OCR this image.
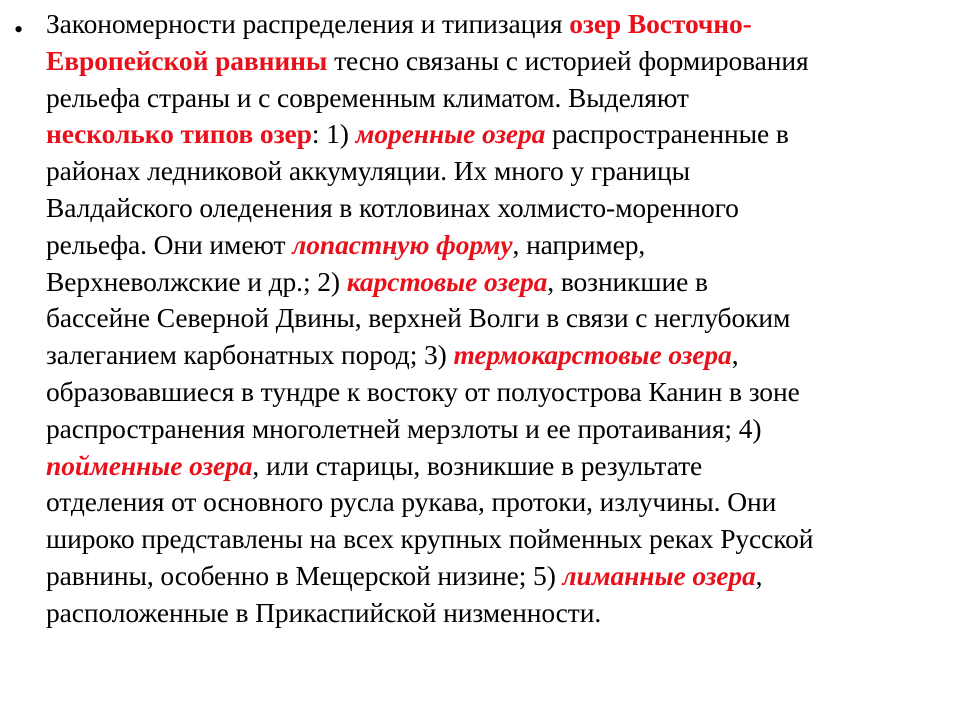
• Закономерности распределения и типизация озер Восточно-
Европейской равнины тесно связаны с историей формирования
рельефа страны и с современным климатом. Выделяют
несколько типов озер: 1) моренные озера распространенные в
районах ледниковой аккумуляции. Их много у границы
Валдайского оледенения в котловинах холмисто-моренного
рельефа. Они имеют лопастную форму, например,
Верхневолжские и др.; 2) карстовые озера, возникшие в
бассейне Северной Двины, верхней Волги в связи с неглубоким
залеганием карбонатных пород; 3) термокарстовые озера,
образовавшиеся в тундре к востоку от полуострова Канин в зоне
распространения многолетней мерзлоты и ее протаивания; 4)
пойменные озера, или старицы, возникшие в результате
отделения от основного русла рукава, протоки, излучины. Они
широко представлены на всех крупных пойменных реках Русской
равнины, особенно в Мещерской низине; 5) лиманные озера,
расположенные в Прикаспийской низменности.
